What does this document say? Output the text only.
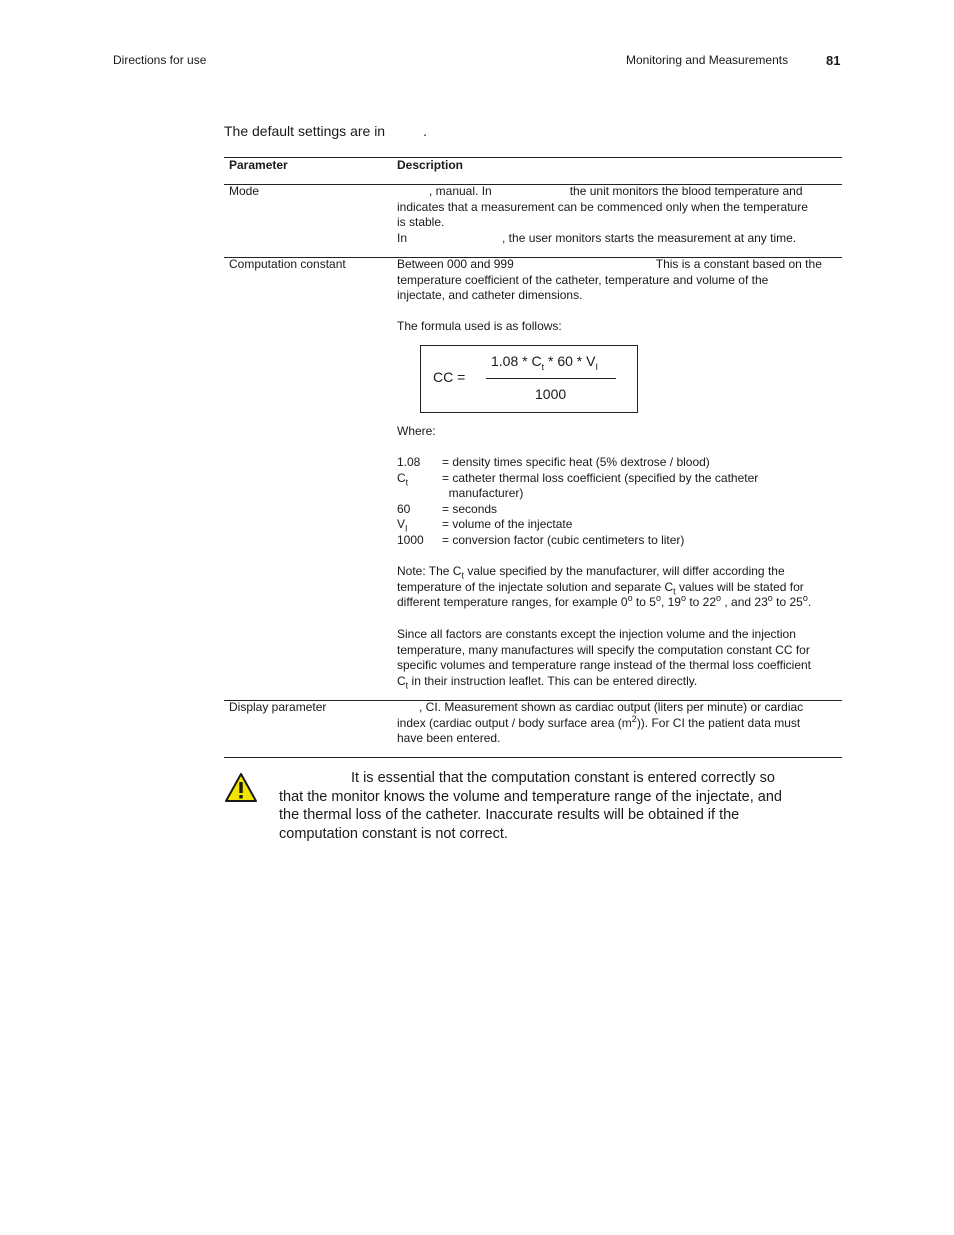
Directions for use	Monitoring and Measurements	81
The default settings are in	.
Parameter	Description
Mode	, manual. In	the unit monitors the blood temperature and
indicates that a measurement can be commenced only when the temperature
is stable.
In	, the user monitors starts the measurement at any time.
Computation constant	Between 000 and 999	This is a constant based on the
temperature coefficient of the catheter, temperature and volume of the
injectate, and catheter dimensions.
The formula used is as follows:
CC =
$1.08 * C_t * 60 * V_I$
1000
Where:
1.08 = density times specific heat (5% dextrose / blood)
$C_t$	= catheter thermal loss coefficient (specified by the catheter
manufacturer)
60	= seconds
$V_I$	= volume of the injectate
1000 = conversion factor (cubic centimeters to liter)
Note: The $C_t$ value specified by the manufacturer, will differ according the
temperature of the injectate solution and separate $C_t$ values will be stated for
different temperature ranges, for example 0$^o$ to 5$^o$, 19$^o$ to 22$^o$ , and 23$^o$ to 25$^o$.
Since all factors are constants except the injection volume and the injection
temperature, many manufactures will specify the computation constant CC for
specific volumes and temperature range instead of the thermal loss coefficient
$C_t$ in their instruction leaflet. This can be entered directly.
Display parameter	, CI. Measurement shown as cardiac output (liters per minute) or cardiac
index (cardiac output / body surface area $(m^2)$). For CI the patient data must
have been entered.
It is essential that the computation constant is entered correctly so
that the monitor knows the volume and temperature range of the injectate, and
the thermal loss of the catheter. Inaccurate results will be obtained if the
computation constant is not correct.
